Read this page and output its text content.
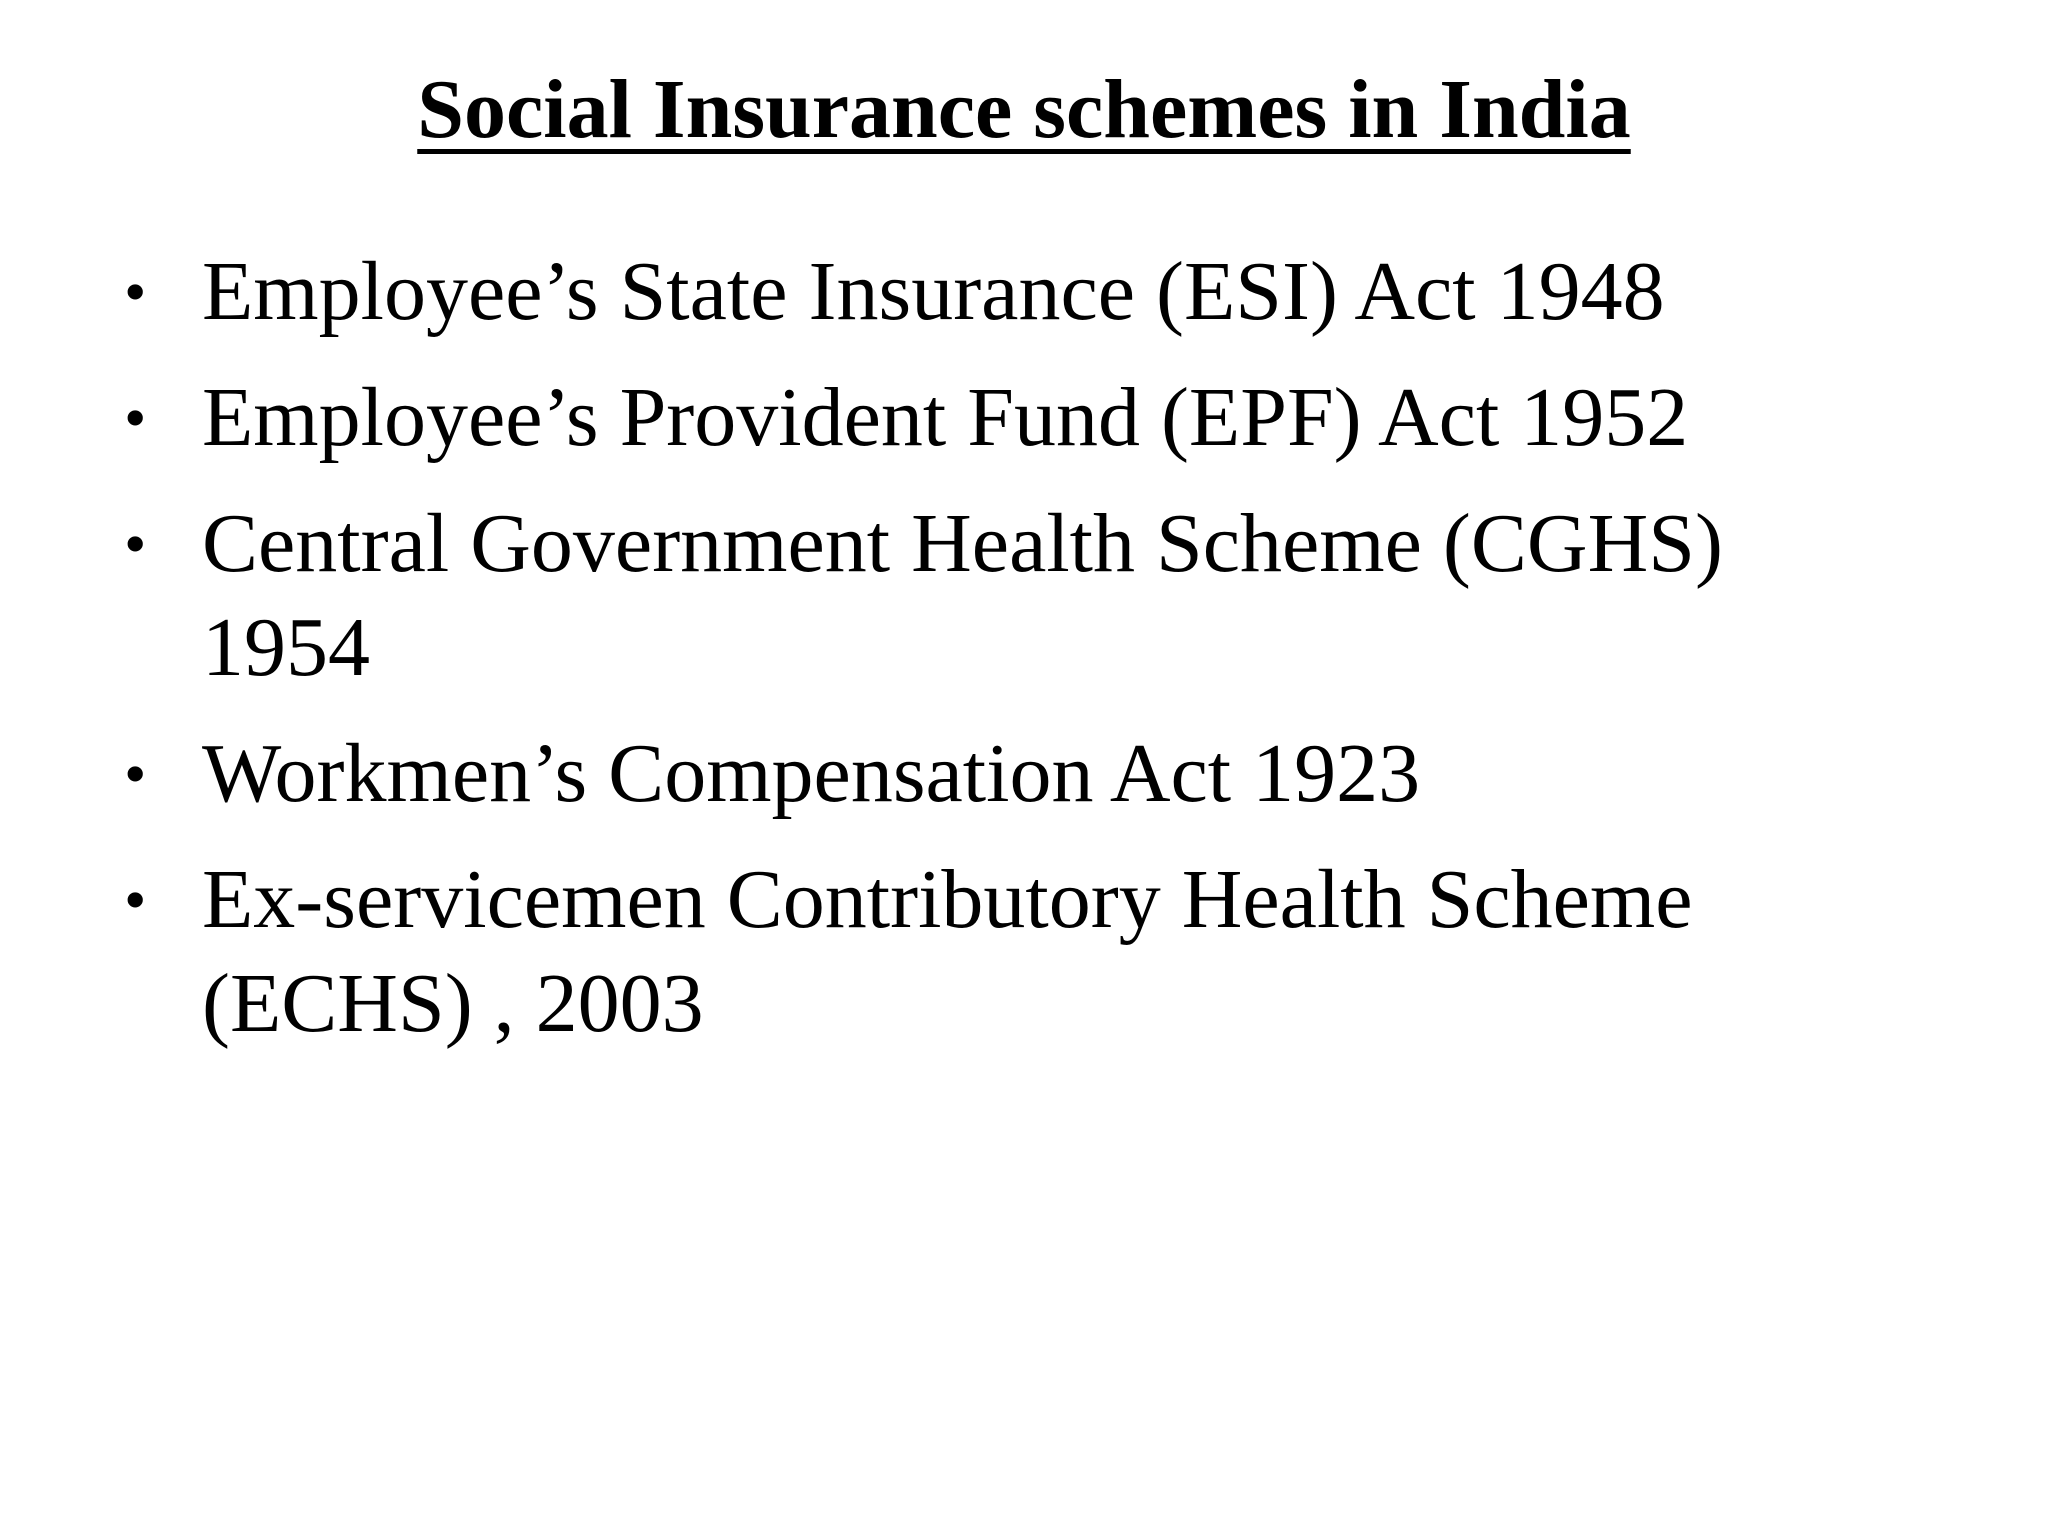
Social Insurance schemes in India
• Employee’s State Insurance (ESI) Act 1948
• Employee’s Provident Fund (EPF) Act 1952
• Central Government Health Scheme (CGHS) 1954
• Workmen’s Compensation Act 1923
• Ex-servicemen Contributory Health Scheme (ECHS) , 2003
